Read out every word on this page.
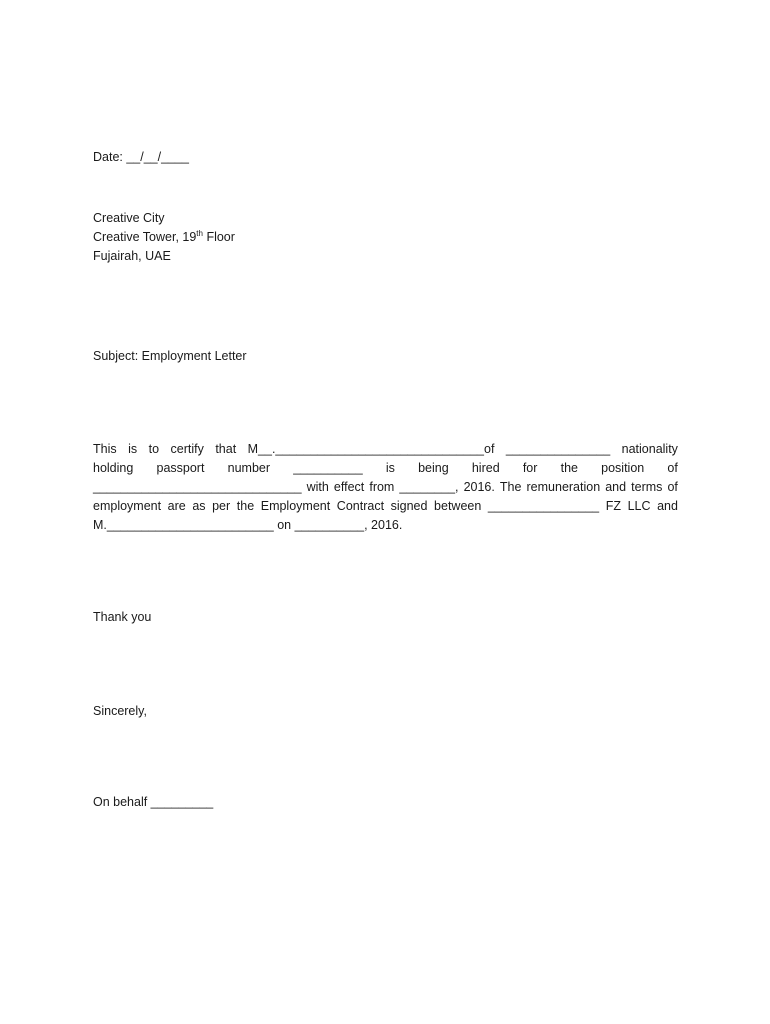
Date: __/__/____
Creative City
Creative Tower, 19th Floor
Fujairah, UAE
Subject: Employment Letter
This is to certify that M__.______________________________of _______________ nationality
holding passport number __________ is being hired for the position of
______________________________ with effect from ________, 2016. The remuneration and terms of
employment are as per the Employment Contract signed between ________________ FZ LLC and
M.________________________ on __________, 2016.
Thank you
Sincerely,
On behalf _________
